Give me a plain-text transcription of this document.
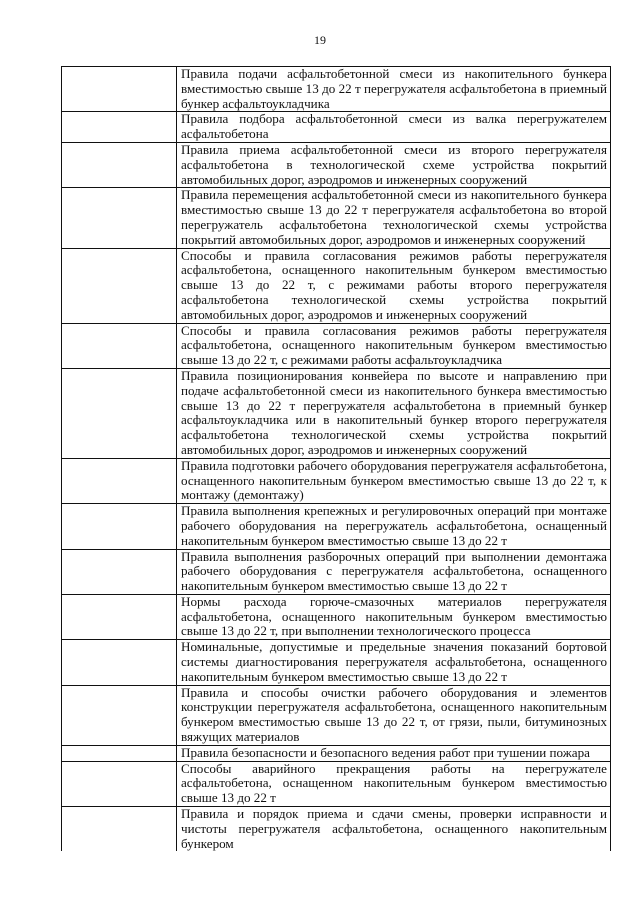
19
	Правила подачи асфальтобетонной смеси из накопительного бункера вместимостью свыше 13 до 22 т перегружателя асфальтобетона в приемный бункер асфальтоукладчика
	Правила подбора асфальтобетонной смеси из валка перегружателем асфальтобетона
	Правила приема асфальтобетонной смеси из второго перегружателя асфальтобетона в технологической схеме устройства покрытий автомобильных дорог, аэродромов и инженерных сооружений
	Правила перемещения асфальтобетонной смеси из накопительного бункера вместимостью свыше 13 до 22 т перегружателя асфальтобетона во второй перегружатель асфальтобетона технологической схемы устройства покрытий автомобильных дорог, аэродромов и инженерных сооружений
	Способы и правила согласования режимов работы перегружателя асфальтобетона, оснащенного накопительным бункером вместимостью свыше 13 до 22 т, с режимами работы второго перегружателя асфальтобетона технологической схемы устройства покрытий автомобильных дорог, аэродромов и инженерных сооружений
	Способы и правила согласования режимов работы перегружателя асфальтобетона, оснащенного накопительным бункером вместимостью свыше 13 до 22 т, с режимами работы асфальтоукладчика
	Правила позиционирования конвейера по высоте и направлению при подаче асфальтобетонной смеси из накопительного бункера вместимостью свыше 13 до 22 т перегружателя асфальтобетона в приемный бункер асфальтоукладчика или в накопительный бункер второго перегружателя асфальтобетона технологической схемы устройства покрытий автомобильных дорог, аэродромов и инженерных сооружений
	Правила подготовки рабочего оборудования перегружателя асфальтобетона, оснащенного накопительным бункером вместимостью свыше 13 до 22 т, к монтажу (демонтажу)
	Правила выполнения крепежных и регулировочных операций при монтаже рабочего оборудования на перегружатель асфальтобетона, оснащенный накопительным бункером вместимостью свыше 13 до 22 т
	Правила выполнения разборочных операций при выполнении демонтажа рабочего оборудования с перегружателя асфальтобетона, оснащенного накопительным бункером вместимостью свыше 13 до 22 т
	Нормы расхода горюче-смазочных материалов перегружателя асфальтобетона, оснащенного накопительным бункером вместимостью свыше 13 до 22 т, при выполнении технологического процесса
	Номинальные, допустимые и предельные значения показаний бортовой системы диагностирования перегружателя асфальтобетона, оснащенного накопительным бункером вместимостью свыше 13 до 22 т
	Правила и способы очистки рабочего оборудования и элементов конструкции перегружателя асфальтобетона, оснащенного накопительным бункером вместимостью свыше 13 до 22 т, от грязи, пыли, битуминозных вяжущих материалов
	Правила безопасности и безопасного ведения работ при тушении пожара
	Способы аварийного прекращения работы на перегружателе асфальтобетона, оснащенном накопительным бункером вместимостью свыше 13 до 22 т
	Правила и порядок приема и сдачи смены, проверки исправности и чистоты перегружателя асфальтобетона, оснащенного накопительным бункером
